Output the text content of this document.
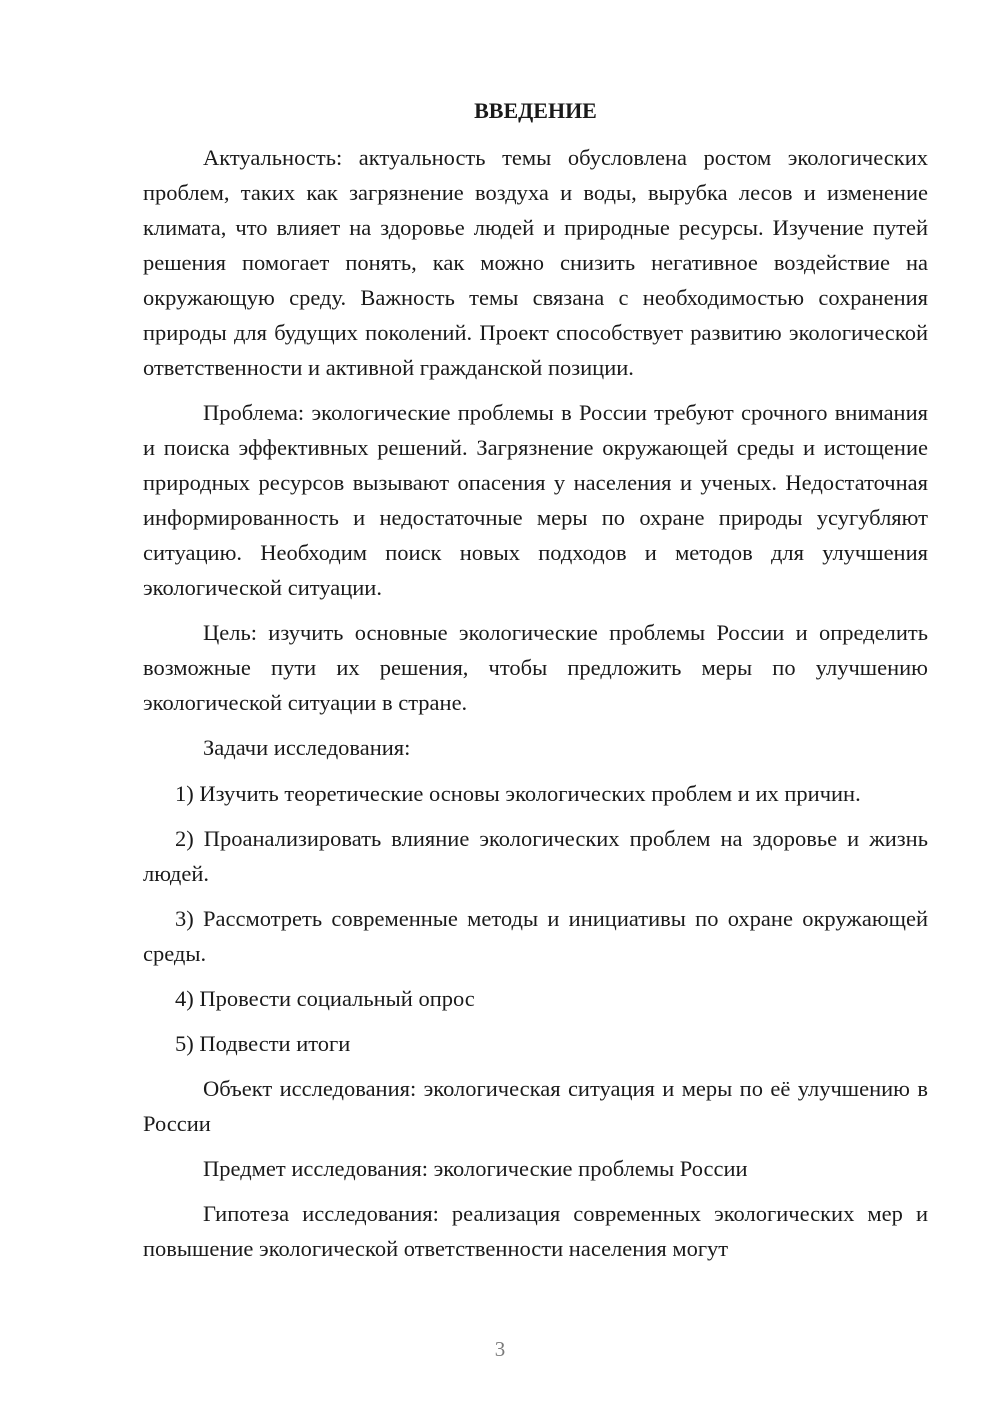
ВВЕДЕНИЕ

Актуальность: актуальность темы обусловлена ростом экологических проблем, таких как загрязнение воздуха и воды, вырубка лесов и изменение климата, что влияет на здоровье людей и природные ресурсы. Изучение путей решения помогает понять, как можно снизить негативное воздействие на окружающую среду. Важность темы связана с необходимостью сохранения природы для будущих поколений. Проект способствует развитию экологической ответственности и активной гражданской позиции.

Проблема: экологические проблемы в России требуют срочного внимания и поиска эффективных решений. Загрязнение окружающей среды и истощение природных ресурсов вызывают опасения у населения и ученых. Недостаточная информированность и недостаточные меры по охране природы усугубляют ситуацию. Необходим поиск новых подходов и методов для улучшения экологической ситуации.

Цель: изучить основные экологические проблемы России и определить возможные пути их решения, чтобы предложить меры по улучшению экологической ситуации в стране.

Задачи исследования:

1) Изучить теоретические основы экологических проблем и их причин.

2) Проанализировать влияние экологических проблем на здоровье и жизнь людей.

3) Рассмотреть современные методы и инициативы по охране окружающей среды.

4) Провести социальный опрос

5) Подвести итоги

Объект исследования: экологическая ситуация и меры по её улучшению в России

Предмет исследования: экологические проблемы России

Гипотеза исследования: реализация современных экологических мер и повышение экологической ответственности населения могут

3
